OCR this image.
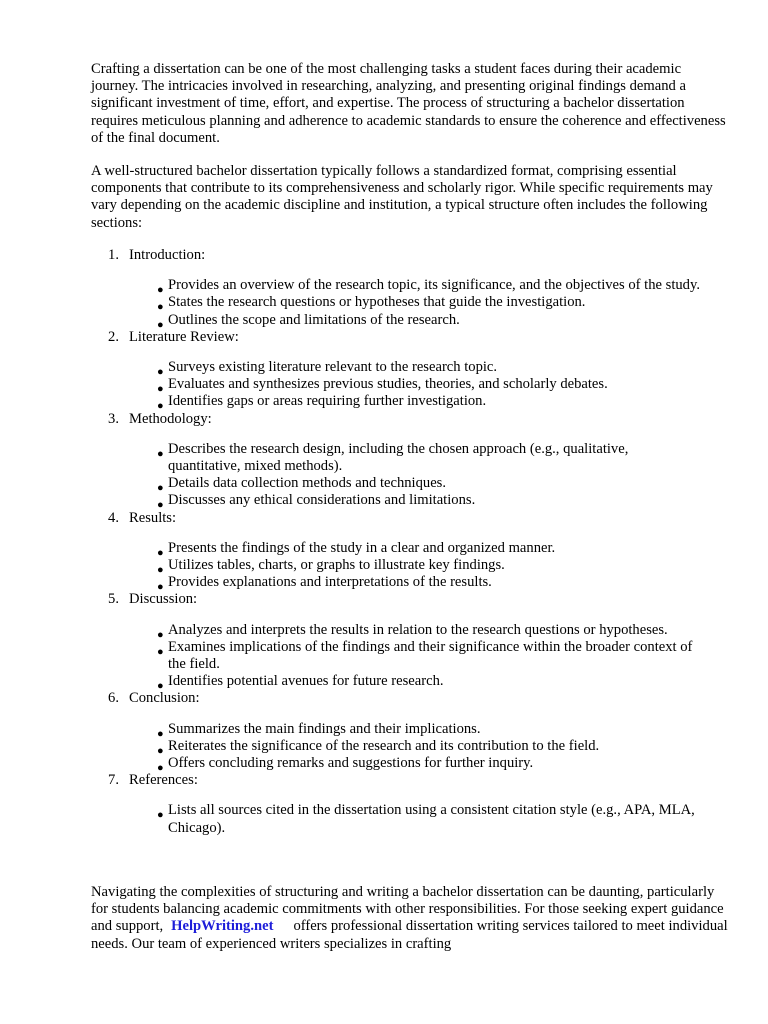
Crafting a dissertation can be one of the most challenging tasks a student faces during their academic journey. The intricacies involved in researching, analyzing, and presenting original findings demand a significant investment of time, effort, and expertise. The process of structuring a bachelor dissertation requires meticulous planning and adherence to academic standards to ensure the coherence and effectiveness of the final document.

A well-structured bachelor dissertation typically follows a standardized format, comprising essential components that contribute to its comprehensiveness and scholarly rigor. While specific requirements may vary depending on the academic discipline and institution, a typical structure often includes the following sections:

1. Introduction:
● Provides an overview of the research topic, its significance, and the objectives of the study.
● States the research questions or hypotheses that guide the investigation.
● Outlines the scope and limitations of the research.
2. Literature Review:
● Surveys existing literature relevant to the research topic.
● Evaluates and synthesizes previous studies, theories, and scholarly debates.
● Identifies gaps or areas requiring further investigation.
3. Methodology:
● Describes the research design, including the chosen approach (e.g., qualitative, quantitative, mixed methods).
● Details data collection methods and techniques.
● Discusses any ethical considerations and limitations.
4. Results:
● Presents the findings of the study in a clear and organized manner.
● Utilizes tables, charts, or graphs to illustrate key findings.
● Provides explanations and interpretations of the results.
5. Discussion:
● Analyzes and interprets the results in relation to the research questions or hypotheses.
● Examines implications of the findings and their significance within the broader context of the field.
● Identifies potential avenues for future research.
6. Conclusion:
● Summarizes the main findings and their implications.
● Reiterates the significance of the research and its contribution to the field.
● Offers concluding remarks and suggestions for further inquiry.
7. References:
● Lists all sources cited in the dissertation using a consistent citation style (e.g., APA, MLA, Chicago).

Navigating the complexities of structuring and writing a bachelor dissertation can be daunting, particularly for students balancing academic commitments with other responsibilities. For those seeking expert guidance and support, HelpWriting.net offers professional dissertation writing services tailored to meet individual needs. Our team of experienced writers specializes in crafting
